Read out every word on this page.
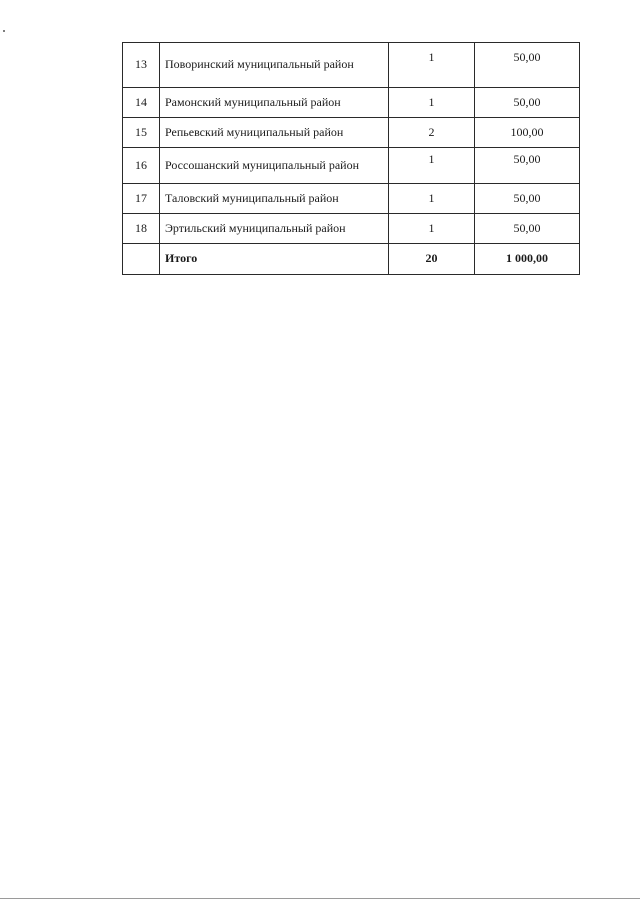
13	Поворинский муниципальный район	1	50,00
14	Рамонский муниципальный район	1	50,00
15	Репьевский муниципальный район	2	100,00
16	Россошанский муниципальный район	1	50,00
17	Таловский муниципальный район	1	50,00
18	Эртильский муниципальный район	1	50,00
	Итого	20	1 000,00
